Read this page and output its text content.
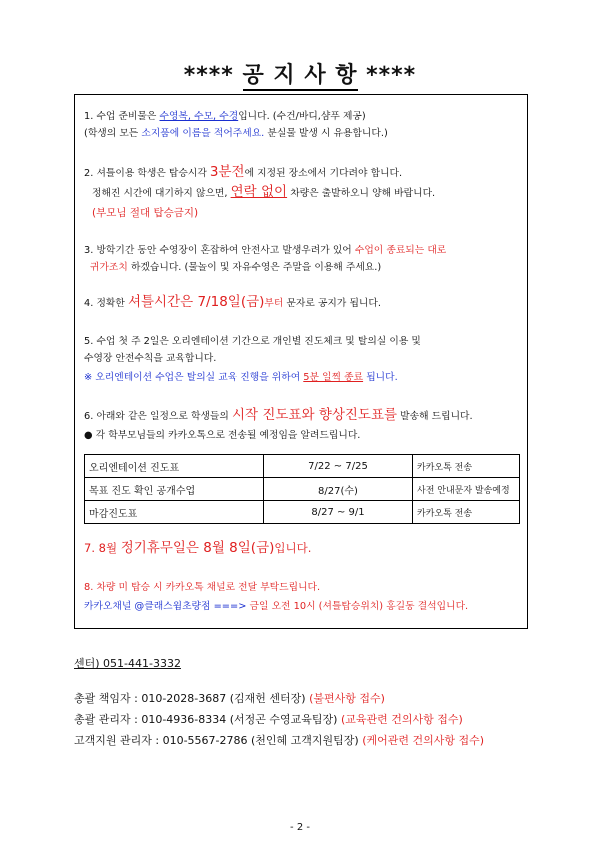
**** 공 지 사 항 ****
1. 수업 준비물은 수영복, 수모, 수경입니다. (수건/바디,샴푸 제공)
(학생의 모든 소지품에 이름을 적어주세요. 분실물 발생 시 유용합니다.)
2. 셔틀이용 학생은 탑승시각 3분전에 지정된 장소에서 기다려야 합니다.
정해진 시간에 대기하지 않으면, 연락 없이 차량은 출발하오니 양해 바랍니다.
(부모님 절대 탑승금지)
3. 방학기간 동안 수영장이 혼잡하여 안전사고 발생우려가 있어 수업이 종료되는 대로
귀가조치 하겠습니다. (물놀이 및 자유수영은 주말을 이용해 주세요.)
4. 정확한 셔틀시간은 7/18일(금)부터 문자로 공지가 됩니다.
5. 수업 첫 주 2일은 오리엔테이션 기간으로 개인별 진도체크 및 탈의실 이용 및
수영장 안전수칙을 교육합니다.
※ 오리엔테이션 수업은 탈의실 교육 진행을 위하여 5분 일찍 종료 됩니다.
6. 아래와 같은 일정으로 학생들의 시작 진도표와 향상진도표를 발송해 드립니다.
● 각 학부모님들의 카카오톡으로 전송될 예정임을 알려드립니다.
오리엔테이션 진도표	7/22 ~ 7/25	카카오톡 전송
목표 진도 확인 공개수업	8/27(수)	사전 안내문자 발송예정
마감진도표	8/27 ~ 9/1	카카오톡 전송
7. 8월 정기휴무일은 8월 8일(금)입니다.
8. 차량 미 탑승 시 카카오톡 채널로 전달 부탁드립니다.
카카오채널 @클래스윔초량점 ===> 금일 오전 10시 (셔틀탑승위치) 홍길동 결석입니다.
센터) 051-441-3332
총괄 책임자 : 010-2028-3687 (김재헌 센터장) (불편사항 접수)
총괄 관리자 : 010-4936-8334 (서정곤 수영교육팀장) (교육관련 건의사항 접수)
고객지원 관리자 : 010-5567-2786 (천인혜 고객지원팀장) (케어관련 건의사항 접수)
- 2 -
